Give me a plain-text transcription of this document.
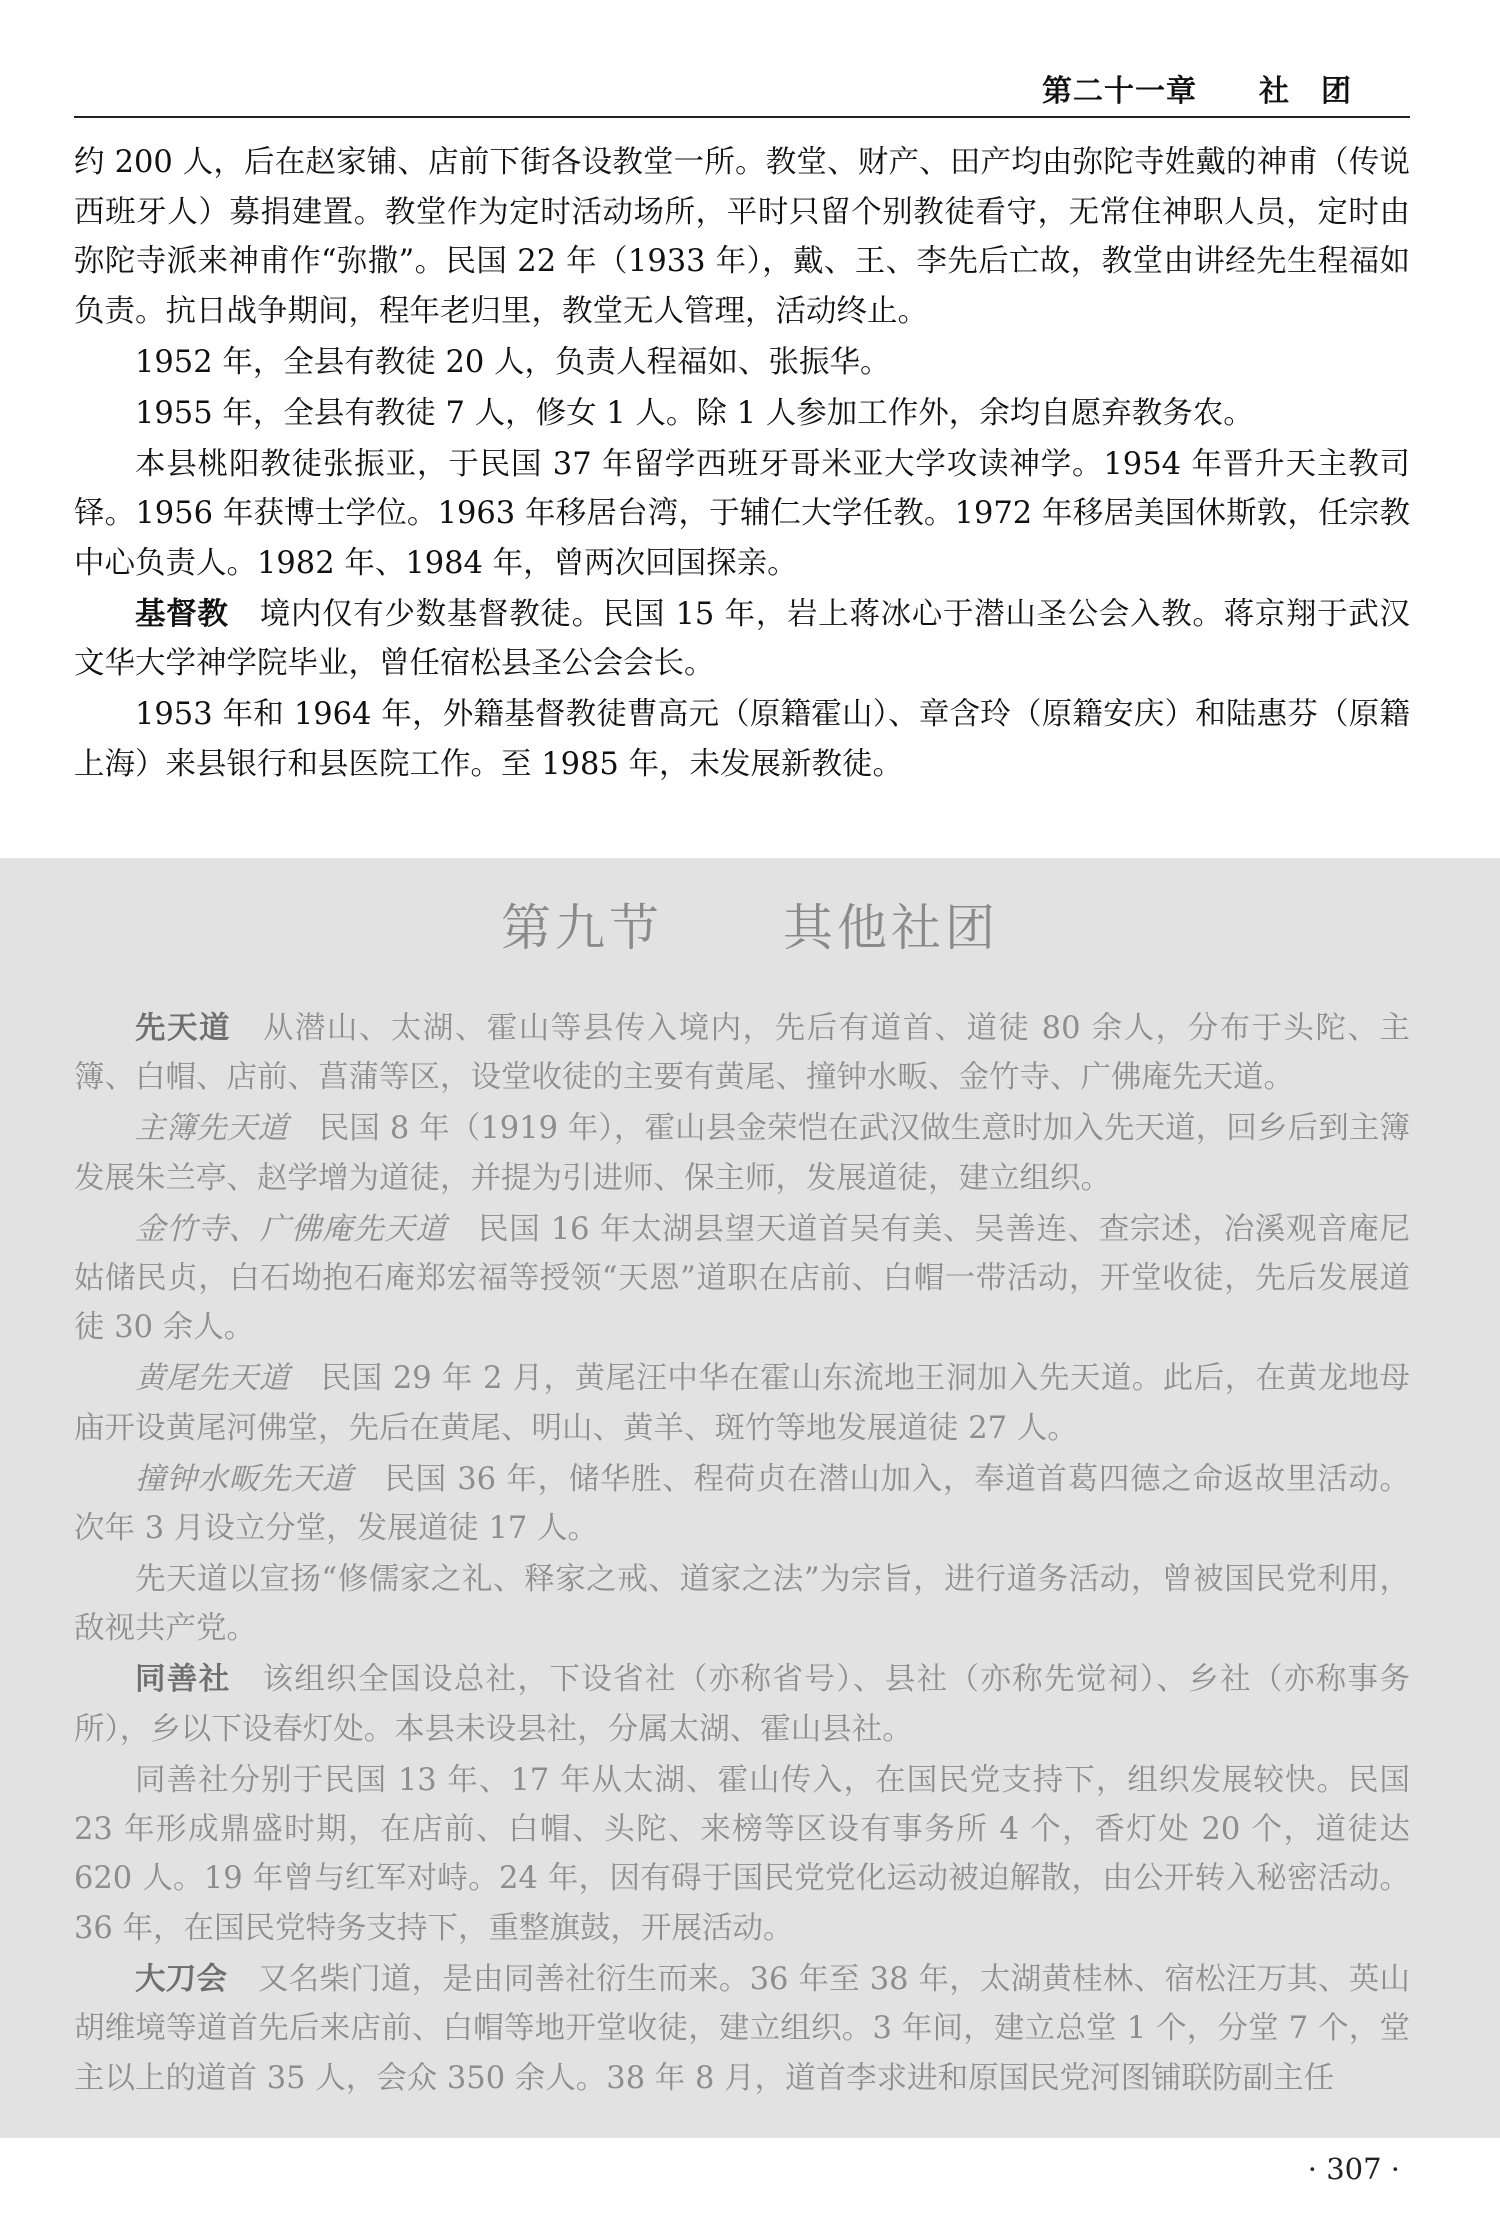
第二十一章　　社　团

约 200 人，后在赵家铺、店前下街各设教堂一所。教堂、财产、田产均由弥陀寺姓戴的神甫（传说西班牙人）募捐建置。教堂作为定时活动场所，平时只留个别教徒看守，无常住神职人员，定时由弥陀寺派来神甫作“弥撒”。民国 22 年（1933 年），戴、王、李先后亡故，教堂由讲经先生程福如负责。抗日战争期间，程年老归里，教堂无人管理，活动终止。

1952 年，全县有教徒 20 人，负责人程福如、张振华。

1955 年，全县有教徒 7 人，修女 1 人。除 1 人参加工作外，余均自愿弃教务农。

本县桃阳教徒张振亚，于民国 37 年留学西班牙哥米亚大学攻读神学。1954 年晋升天主教司铎。1956 年获博士学位。1963 年移居台湾，于辅仁大学任教。1972 年移居美国休斯敦，任宗教中心负责人。1982 年、1984 年，曾两次回国探亲。

基督教　 境内仅有少数基督教徒。民国 15 年，岩上蒋冰心于潜山圣公会入教。蒋京翔于武汉文华大学神学院毕业，曾任宿松县圣公会会长。

1953 年和 1964 年，外籍基督教徒曹高元（原籍霍山）、章含玲（原籍安庆）和陆惠芬（原籍上海）来县银行和县医院工作。至 1985 年，未发展新教徒。

第九节 其他社团

先天道　 从潜山、太湖、霍山等县传入境内，先后有道首、道徒 80 余人，分布于头陀、主簿、白帽、店前、菖蒲等区，设堂收徒的主要有黄尾、撞钟水畈、金竹寺、广佛庵先天道。

主簿先天道　 民国 8 年（1919 年），霍山县金荣恺在武汉做生意时加入先天道，回乡后到主簿发展朱兰亭、赵学增为道徒，并提为引进师、保主师，发展道徒，建立组织。

金竹寺、广佛庵先天道　 民国 16 年太湖县望天道首吴有美、吴善连、查宗述，冶溪观音庵尼姑储民贞，白石坳抱石庵郑宏福等授领“天恩”道职在店前、白帽一带活动，开堂收徒，先后发展道徒 30 余人。

黄尾先天道　 民国 29 年 2 月，黄尾汪中华在霍山东流地王洞加入先天道。此后，在黄龙地母庙开设黄尾河佛堂，先后在黄尾、明山、黄羊、斑竹等地发展道徒 27 人。

撞钟水畈先天道　 民国 36 年，储华胜、程荷贞在潜山加入，奉道首葛四德之命返故里活动。次年 3 月设立分堂，发展道徒 17 人。

先天道以宣扬“修儒家之礼、释家之戒、道家之法”为宗旨，进行道务活动，曾被国民党利用，敌视共产党。

同善社　 该组织全国设总社，下设省社（亦称省号）、县社（亦称先觉祠）、乡社（亦称事务所），乡以下设春灯处。本县未设县社，分属太湖、霍山县社。

同善社分别于民国 13 年、17 年从太湖、霍山传入，在国民党支持下，组织发展较快。民国 23 年形成鼎盛时期，在店前、白帽、头陀、来榜等区设有事务所 4 个，香灯处 20 个，道徒达 620 人。19 年曾与红军对峙。24 年，因有碍于国民党党化运动被迫解散，由公开转入秘密活动。36 年，在国民党特务支持下，重整旗鼓，开展活动。

大刀会　 又名柴门道，是由同善社衍生而来。36 年至 38 年，太湖黄桂林、宿松汪万其、英山胡维境等道首先后来店前、白帽等地开堂收徒，建立组织。3 年间，建立总堂 1 个，分堂 7 个，堂主以上的道首 35 人，会众 350 余人。38 年 8 月，道首李求进和原国民党河图铺联防副主任

· 307 ·
